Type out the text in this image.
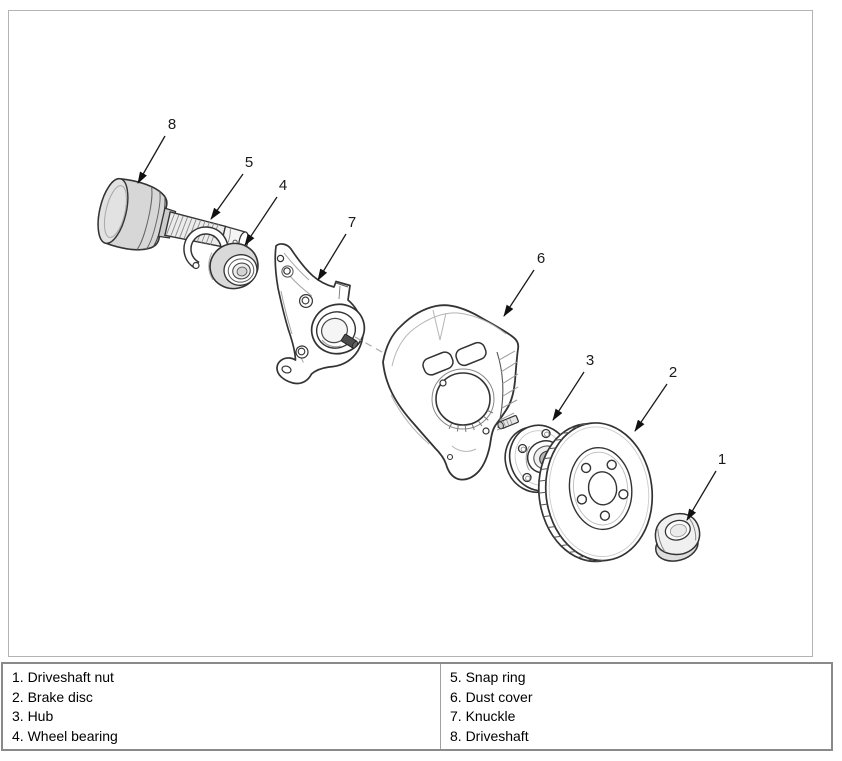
8
5
4
7
6
3
2
1
1. Driveshaft nut
2. Brake disc
3. Hub
4. Wheel bearing

5. Snap ring
6. Dust cover
7. Knuckle
8. Driveshaft
